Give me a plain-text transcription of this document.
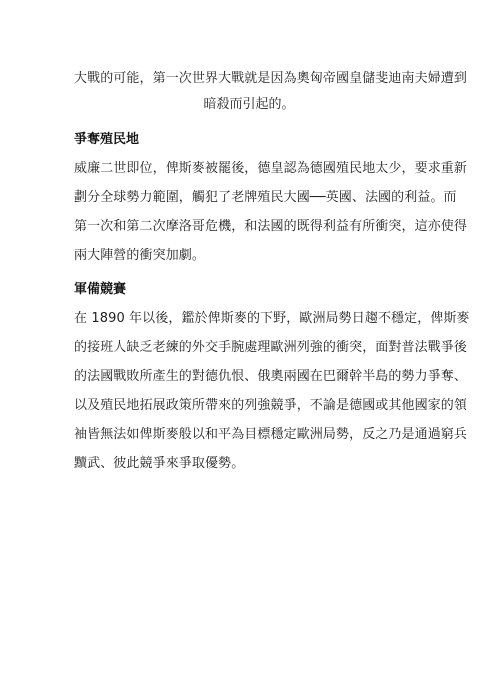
大戰的可能，第一次世界大戰就是因為奧匈帝國皇儲斐迪南夫婦遭到
暗殺而引起的。
爭奪殖民地
威廉二世即位，俾斯麥被罷後，德皇認為德國殖民地太少，要求重新
劃分全球勢力範圍，觸犯了老牌殖民大國──英國、法國的利益。而
第一次和第二次摩洛哥危機，和法國的既得利益有所衝突，這亦使得
兩大陣營的衝突加劇。
軍備競賽
在 1890 年以後，鑑於俾斯麥的下野，歐洲局勢日趨不穩定，俾斯麥
的接班人缺乏老練的外交手腕處理歐洲列強的衝突，面對普法戰爭後
的法國戰敗所產生的對德仇恨、俄奧兩國在巴爾幹半島的勢力爭奪、
以及殖民地拓展政策所帶來的列強競爭，不論是德國或其他國家的領
袖皆無法如俾斯麥般以和平為目標穩定歐洲局勢，反之乃是通過窮兵
黷武、彼此競爭來爭取優勢。
